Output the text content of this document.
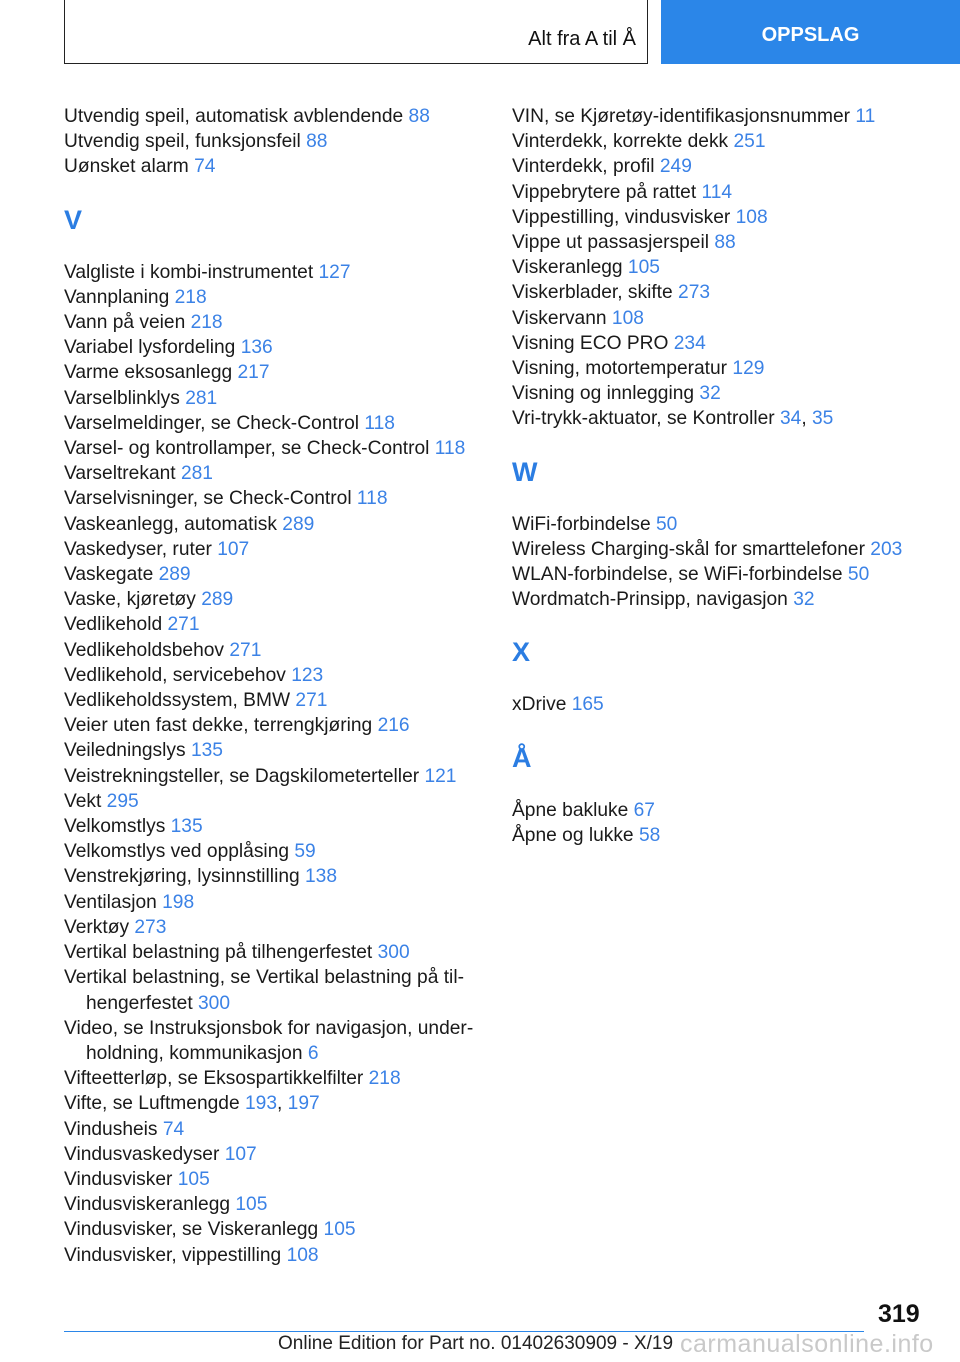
Alt fra A til Å	OPPSLAG
Utvendig speil, automatisk avblendende 88
Utvendig speil, funksjonsfeil 88
Uønsket alarm 74
V
Valgliste i kombi-instrumentet 127
Vannplaning 218
Vann på veien 218
Variabel lysfordeling 136
Varme eksosanlegg 217
Varselblinklys 281
Varselmeldinger, se Check-Control 118
Varsel- og kontrollamper, se Check-Control 118
Varseltrekant 281
Varselvisninger, se Check-Control 118
Vaskeanlegg, automatisk 289
Vaskedyser, ruter 107
Vaskegate 289
Vaske, kjøretøy 289
Vedlikehold 271
Vedlikeholdsbehov 271
Vedlikehold, servicebehov 123
Vedlikeholdssystem, BMW 271
Veier uten fast dekke, terrengkjøring 216
Veiledningslys 135
Veistrekningsteller, se Dagskilometerteller 121
Vekt 295
Velkomstlys 135
Velkomstlys ved opplåsing 59
Venstrekjøring, lysinnstilling 138
Ventilasjon 198
Verktøy 273
Vertikal belastning på tilhengerfestet 300
Vertikal belastning, se Vertikal belastning på til- hengerfestet 300
Video, se Instruksjonsbok for navigasjon, under- holdning, kommunikasjon 6
Vifteetterløp, se Eksospartikkelfilter 218
Vifte, se Luftmengde 193, 197
Vindusheis 74
Vindusvaskedyser 107
Vindusvisker 105
Vindusviskeranlegg 105
Vindusvisker, se Viskeranlegg 105
Vindusvisker, vippestilling 108
VIN, se Kjøretøy-identifikasjonsnummer 11
Vinterdekk, korrekte dekk 251
Vinterdekk, profil 249
Vippebrytere på rattet 114
Vippestilling, vindusvisker 108
Vippe ut passasjerspeil 88
Viskeranlegg 105
Viskerblader, skifte 273
Viskervann 108
Visning ECO PRO 234
Visning, motortemperatur 129
Visning og innlegging 32
Vri-trykk-aktuator, se Kontroller 34, 35
W
WiFi-forbindelse 50
Wireless Charging-skål for smarttelefoner 203
WLAN-forbindelse, se WiFi-forbindelse 50
Wordmatch-Prinsipp, navigasjon 32
X
xDrive 165
Å
Åpne bakluke 67
Åpne og lukke 58
319
Online Edition for Part no. 01402630909 - X/19 carmanualsonline.info
